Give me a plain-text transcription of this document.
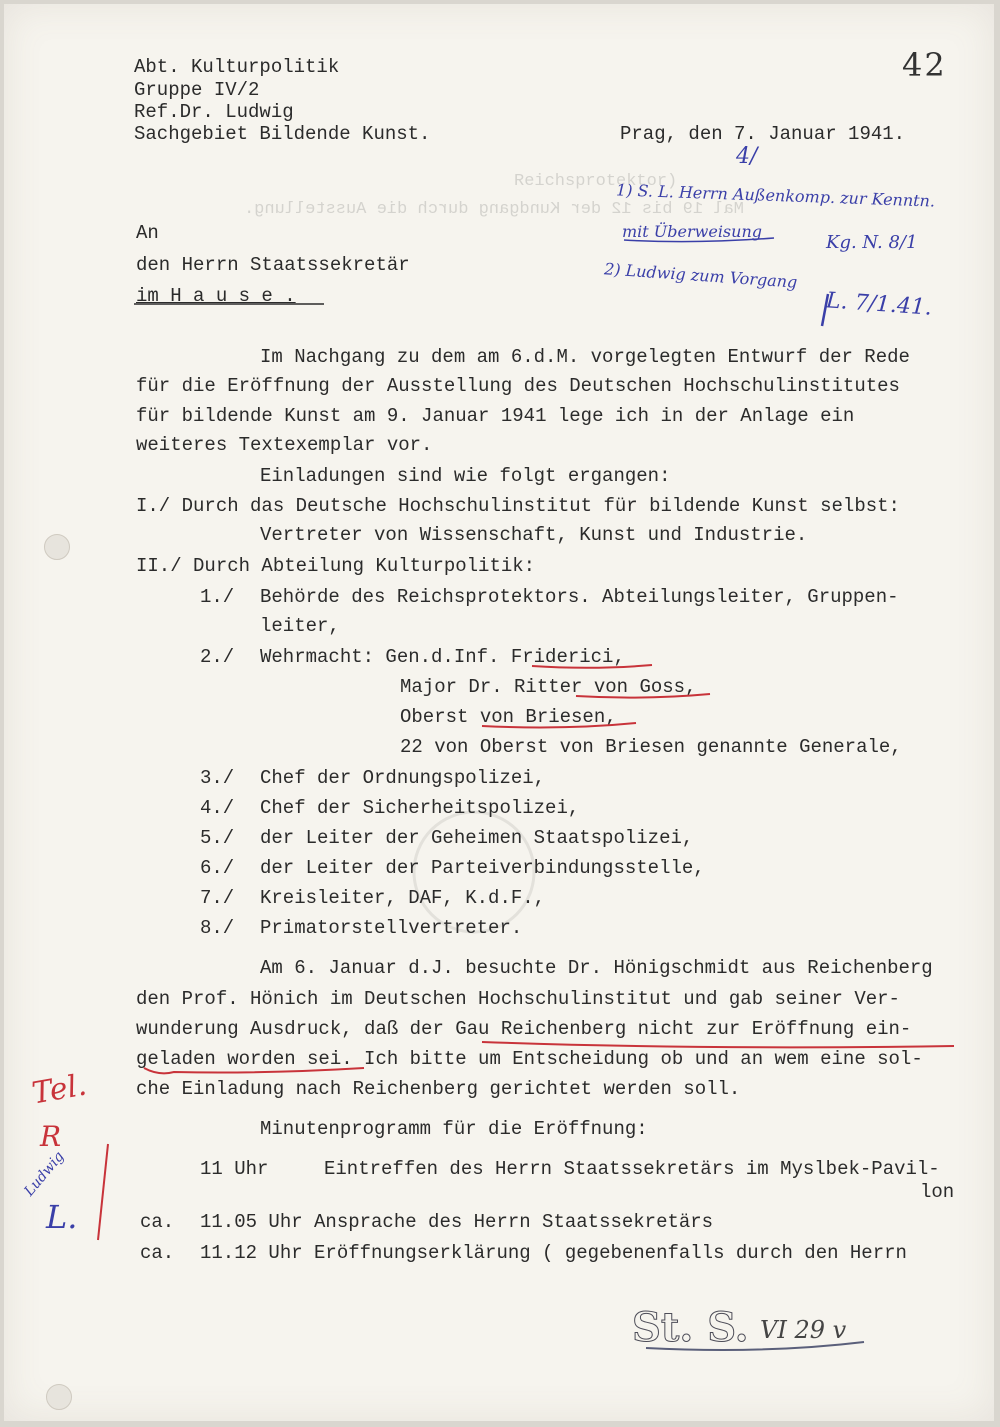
Reichsprotektor)
Mal 19 bis 12 der Kundgang durch die Ausstellung.
42
Abt. Kulturpolitik
Gruppe IV/2
Ref.Dr. Ludwig
Sachgebiet Bildende Kunst.	Prag, den 7. Januar 1941.
An
den Herrn Staatssekretär
im H a u s e .
Im Nachgang zu dem am 6.d.M. vorgelegten Entwurf der Rede
für die Eröffnung der Ausstellung des Deutschen Hochschulinstitutes
für bildende Kunst am 9. Januar 1941 lege ich in der Anlage ein
weiteres Textexemplar vor.
Einladungen sind wie folgt ergangen:
I./ Durch das Deutsche Hochschulinstitut für bildende Kunst selbst:
Vertreter von Wissenschaft, Kunst und Industrie.
II./ Durch Abteilung Kulturpolitik:
1./ Behörde des Reichsprotektors. Abteilungsleiter, Gruppen-
leiter,
2./ Wehrmacht: Gen.d.Inf. Friderici,
Major Dr. Ritter von Goss,
Oberst von Briesen,
22 von Oberst von Briesen genannte Generale,
3./ Chef der Ordnungspolizei,
4./ Chef der Sicherheitspolizei,
5./ der Leiter der Geheimen Staatspolizei,
6./ der Leiter der Parteiverbindungsstelle,
7./ Kreisleiter, DAF, K.d.F.,
8./ Primatorstellvertreter.
Am 6. Januar d.J. besuchte Dr. Hönigschmidt aus Reichenberg
den Prof. Hönich im Deutschen Hochschulinstitut und gab seiner Ver-
wunderung Ausdruck, daß der Gau Reichenberg nicht zur Eröffnung ein-
geladen worden sei. Ich bitte um Entscheidung ob und an wem eine sol-
che Einladung nach Reichenberg gerichtet werden soll.
Minutenprogramm für die Eröffnung:
11 Uhr	Eintreffen des Herrn Staatssekretärs im Myslbek-Pavil-
lon
ca. 11.05 Uhr Ansprache des Herrn Staatssekretärs
ca. 11.12 Uhr Eröffnungserklärung ( gegebenenfalls durch den Herrn
4/
1) S. L. Herrn Außenkomp. zur Kenntn.
mit Überweisung
Kg. N. 8/1
2) Ludwig zum Vorgang
L. 7/1.41.
Tel.
R
Ludwig
L.
St. S. VI 29 v
